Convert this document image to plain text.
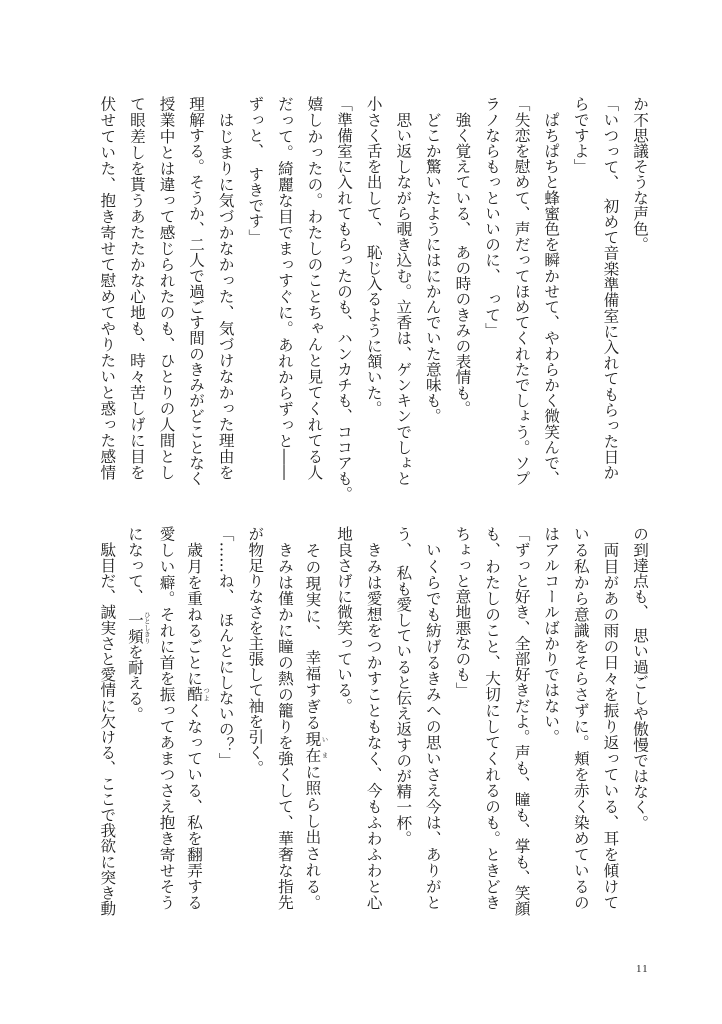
か不思議そうな声色。
「いつって、　初めて音楽準備室に入れてもらった日か
らですよ」
　ぱちぱちと蜂蜜色を瞬かせて、やわらかく微笑んで、
「失恋を慰めて、声だってほめてくれたでしょう。ソプ
ラノならもっといいのに、　って」
　強く覚えている、　あの時のきみの表情も。
　どこか驚いたようにはにかんでいた意味も。
　思い返しながら覗き込む。立香は、ゲンキンでしょと
小さく舌を出して、　恥じ入るように頷いた。
「準備室に入れてもらったのも、ハンカチも、ココアも。
嬉しかったの。わたしのことちゃんと見てくれてる人
だって。綺麗な目でまっすぐに。あれからずっと――
ずっと、　すきです」
　はじまりに気づかなかった、気づけなかった理由を
理解する。そうか、二人で過ごす間のきみがどことなく
授業中とは違って感じられたのも、ひとりの人間とし
て眼差しを貰うあたたかな心地も、時々苦しげに目を
伏せていた、抱き寄せて慰めてやりたいと惑った感情
の到達点も、　思い過ごしや傲慢ではなく。
　両目があの雨の日々を振り返っている、耳を傾けて
いる私から意識をそらさずに。頬を赤く染めているの
はアルコールばかりではない。
「ずっと好き、全部好きだよ。声も、瞳も、掌も、笑顔
も、わたしのこと、大切にしてくれるのも。ときどき
ちょっと意地悪なのも」
　いくらでも紡げるきみへの思いさえ今は、ありがと
う、　私も愛していると伝え返すのが精一杯。
　きみは愛想をつかすこともなく、今もふわふわと心
地良さげに微笑っている。
　その現実に、　幸福すぎる現在 いまに照らし出される。
　きみは僅かに瞳の熱の籠りを強くして、華奢な指先
が物足りなさを主張して袖を引く。
「……ね、　ほんとにしないの？」
　歳月を重ねるごとに酷 つよくなっている、私を翻弄する
愛しい癖。それに首を振ってあまつさえ抱き寄せそう
になって、　一頻 ひとしきりを耐える。
　駄目だ、誠実さと愛情に欠ける、ここで我欲に突き動
11
